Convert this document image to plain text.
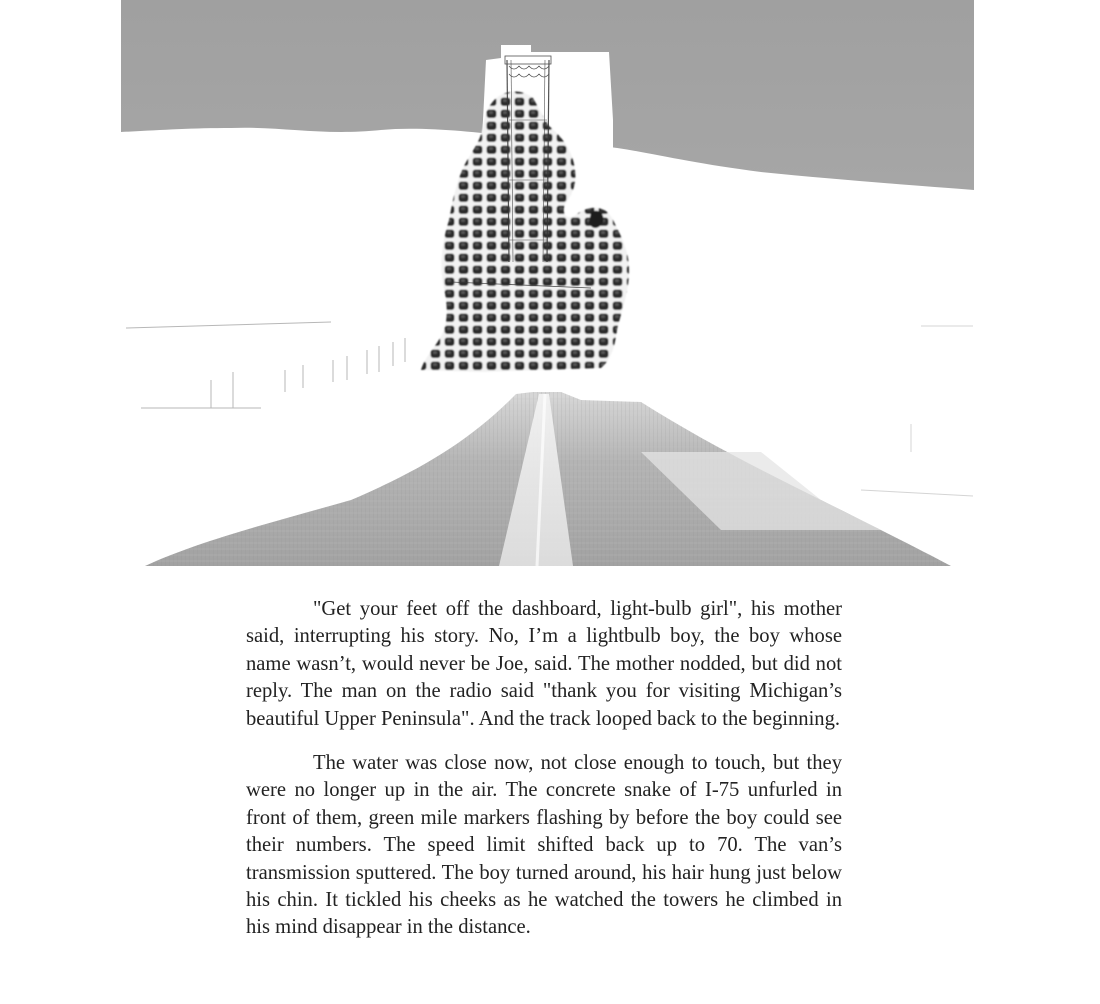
"Get your feet off the dashboard, light-bulb girl", his mother said, interrupting his story. No, I’m a lightbulb boy, the boy whose name wasn’t, would never be Joe, said. The mother nodded, but did not reply. The man on the radio said "thank you for visiting Michigan’s beautiful Upper Peninsula". And the track looped back to the beginning.

The water was close now, not close enough to touch, but they were no longer up in the air. The concrete snake of I-75 unfurled in front of them, green mile markers flashing by before the boy could see their numbers. The speed limit shifted back up to 70. The van’s transmission sputtered. The boy turned around, his hair hung just below his chin. It tickled his cheeks as he watched the towers he climbed in his mind disappear in the distance.
